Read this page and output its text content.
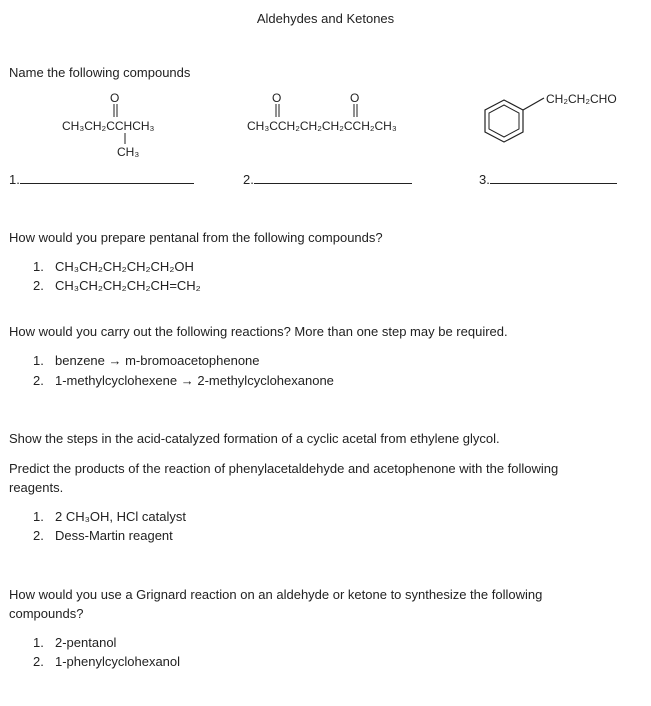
Aldehydes and Ketones
Name the following compounds
O
CH₃CH₂CCHCH₃
CH₃
O	O
CH₃CCH₂CH₂CH₂CCH₂CH₃
CH₂CH₂CHO
1.	2.	3.
How would you prepare pentanal from the following compounds?
1. CH₃CH₂CH₂CH₂CH₂OH
2. CH₃CH₂CH₂CH₂CH=CH₂
How would you carry out the following reactions? More than one step may be required.
1. benzene → m-bromoacetophenone
2. 1-methylcyclohexene → 2-methylcyclohexanone
Show the steps in the acid-catalyzed formation of a cyclic acetal from ethylene glycol.
Predict the products of the reaction of phenylacetaldehyde and acetophenone with the following
reagents.
1. 2 CH₃OH, HCl catalyst
2. Dess-Martin reagent
How would you use a Grignard reaction on an aldehyde or ketone to synthesize the following
compounds?
1. 2-pentanol
2. 1-phenylcyclohexanol
